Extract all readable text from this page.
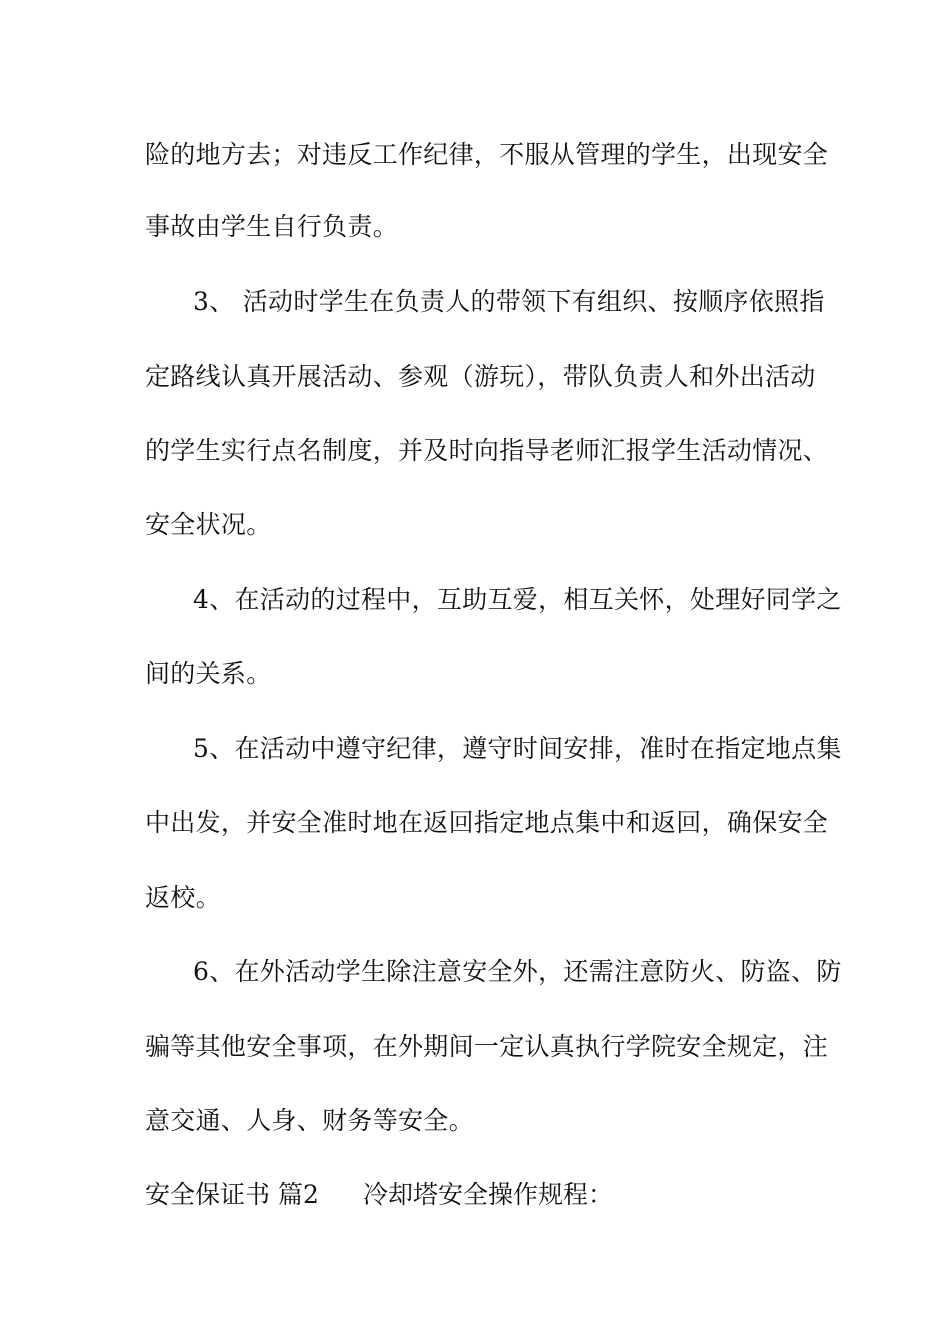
险的地方去；对违反工作纪律，不服从管理的学生，出现安全
事故由学生自行负责。
3、 活动时学生在负责人的带领下有组织、按顺序依照指
定路线认真开展活动、参观（游玩），带队负责人和外出活动
的学生实行点名制度，并及时向指导老师汇报学生活动情况、
安全状况。
4、在活动的过程中，互助互爱，相互关怀，处理好同学之
间的关系。
5、在活动中遵守纪律，遵守时间安排，准时在指定地点集
中出发，并安全准时地在返回指定地点集中和返回，确保安全
返校。
6、在外活动学生除注意安全外，还需注意防火、防盗、防
骗等其他安全事项，在外期间一定认真执行学院安全规定，注
意交通、人身、财务等安全。
安全保证书 篇2 冷却塔安全操作规程：
